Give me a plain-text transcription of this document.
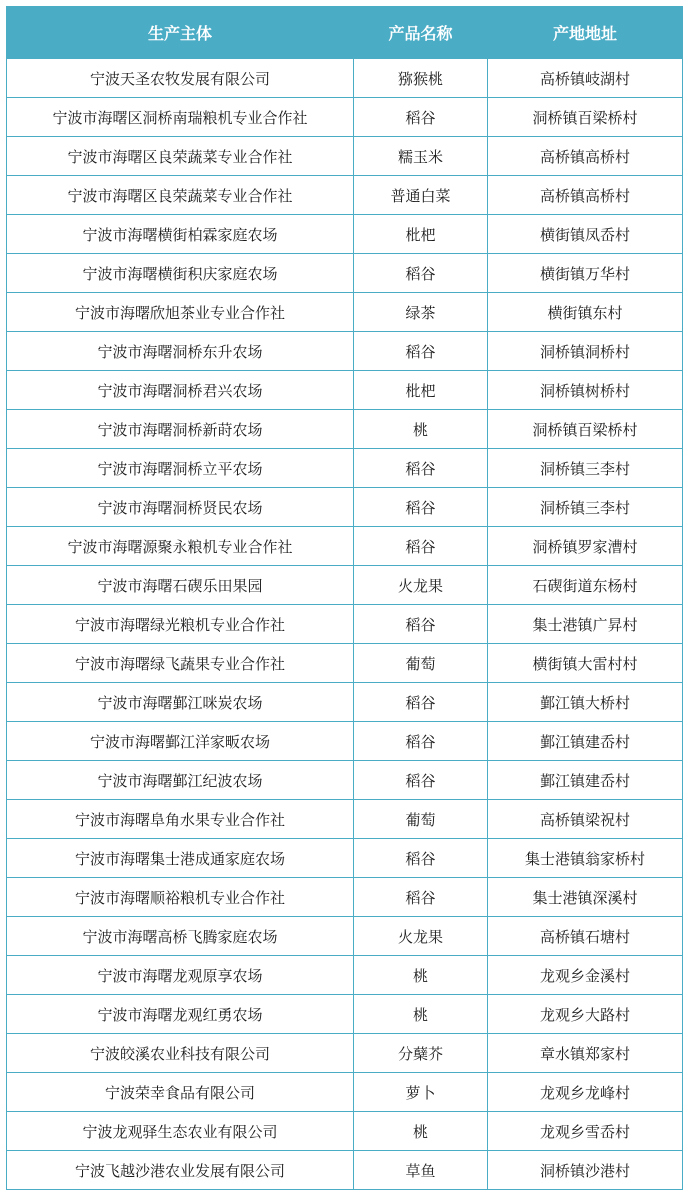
生产主体	产品名称	产地地址
宁波天圣农牧发展有限公司	猕猴桃	高桥镇岐湖村
宁波市海曙区洞桥南瑞粮机专业合作社	稻谷	洞桥镇百梁桥村
宁波市海曙区良荣蔬菜专业合作社	糯玉米	高桥镇高桥村
宁波市海曙区良荣蔬菜专业合作社	普通白菜	高桥镇高桥村
宁波市海曙横街柏霖家庭农场	枇杷	横街镇凤岙村
宁波市海曙横街积庆家庭农场	稻谷	横街镇万华村
宁波市海曙欣旭茶业专业合作社	绿茶	横街镇东村
宁波市海曙洞桥东升农场	稻谷	洞桥镇洞桥村
宁波市海曙洞桥君兴农场	枇杷	洞桥镇树桥村
宁波市海曙洞桥新莳农场	桃	洞桥镇百梁桥村
宁波市海曙洞桥立平农场	稻谷	洞桥镇三李村
宁波市海曙洞桥贤民农场	稻谷	洞桥镇三李村
宁波市海曙源聚永粮机专业合作社	稻谷	洞桥镇罗家漕村
宁波市海曙石碶乐田果园	火龙果	石碶街道东杨村
宁波市海曙绿光粮机专业合作社	稻谷	集士港镇广昇村
宁波市海曙绿飞蔬果专业合作社	葡萄	横街镇大雷村村
宁波市海曙鄞江咪炭农场	稻谷	鄞江镇大桥村
宁波市海曙鄞江洋家畈农场	稻谷	鄞江镇建岙村
宁波市海曙鄞江纪波农场	稻谷	鄞江镇建岙村
宁波市海曙阜角水果专业合作社	葡萄	高桥镇梁祝村
宁波市海曙集士港成通家庭农场	稻谷	集士港镇翁家桥村
宁波市海曙顺裕粮机专业合作社	稻谷	集士港镇深溪村
宁波市海曙高桥飞腾家庭农场	火龙果	高桥镇石塘村
宁波市海曙龙观原享农场	桃	龙观乡金溪村
宁波市海曙龙观红勇农场	桃	龙观乡大路村
宁波皎溪农业科技有限公司	分蘖芥	章水镇郑家村
宁波荣幸食品有限公司	萝卜	龙观乡龙峰村
宁波龙观驿生态农业有限公司	桃	龙观乡雪岙村
宁波飞越沙港农业发展有限公司	草鱼	洞桥镇沙港村
